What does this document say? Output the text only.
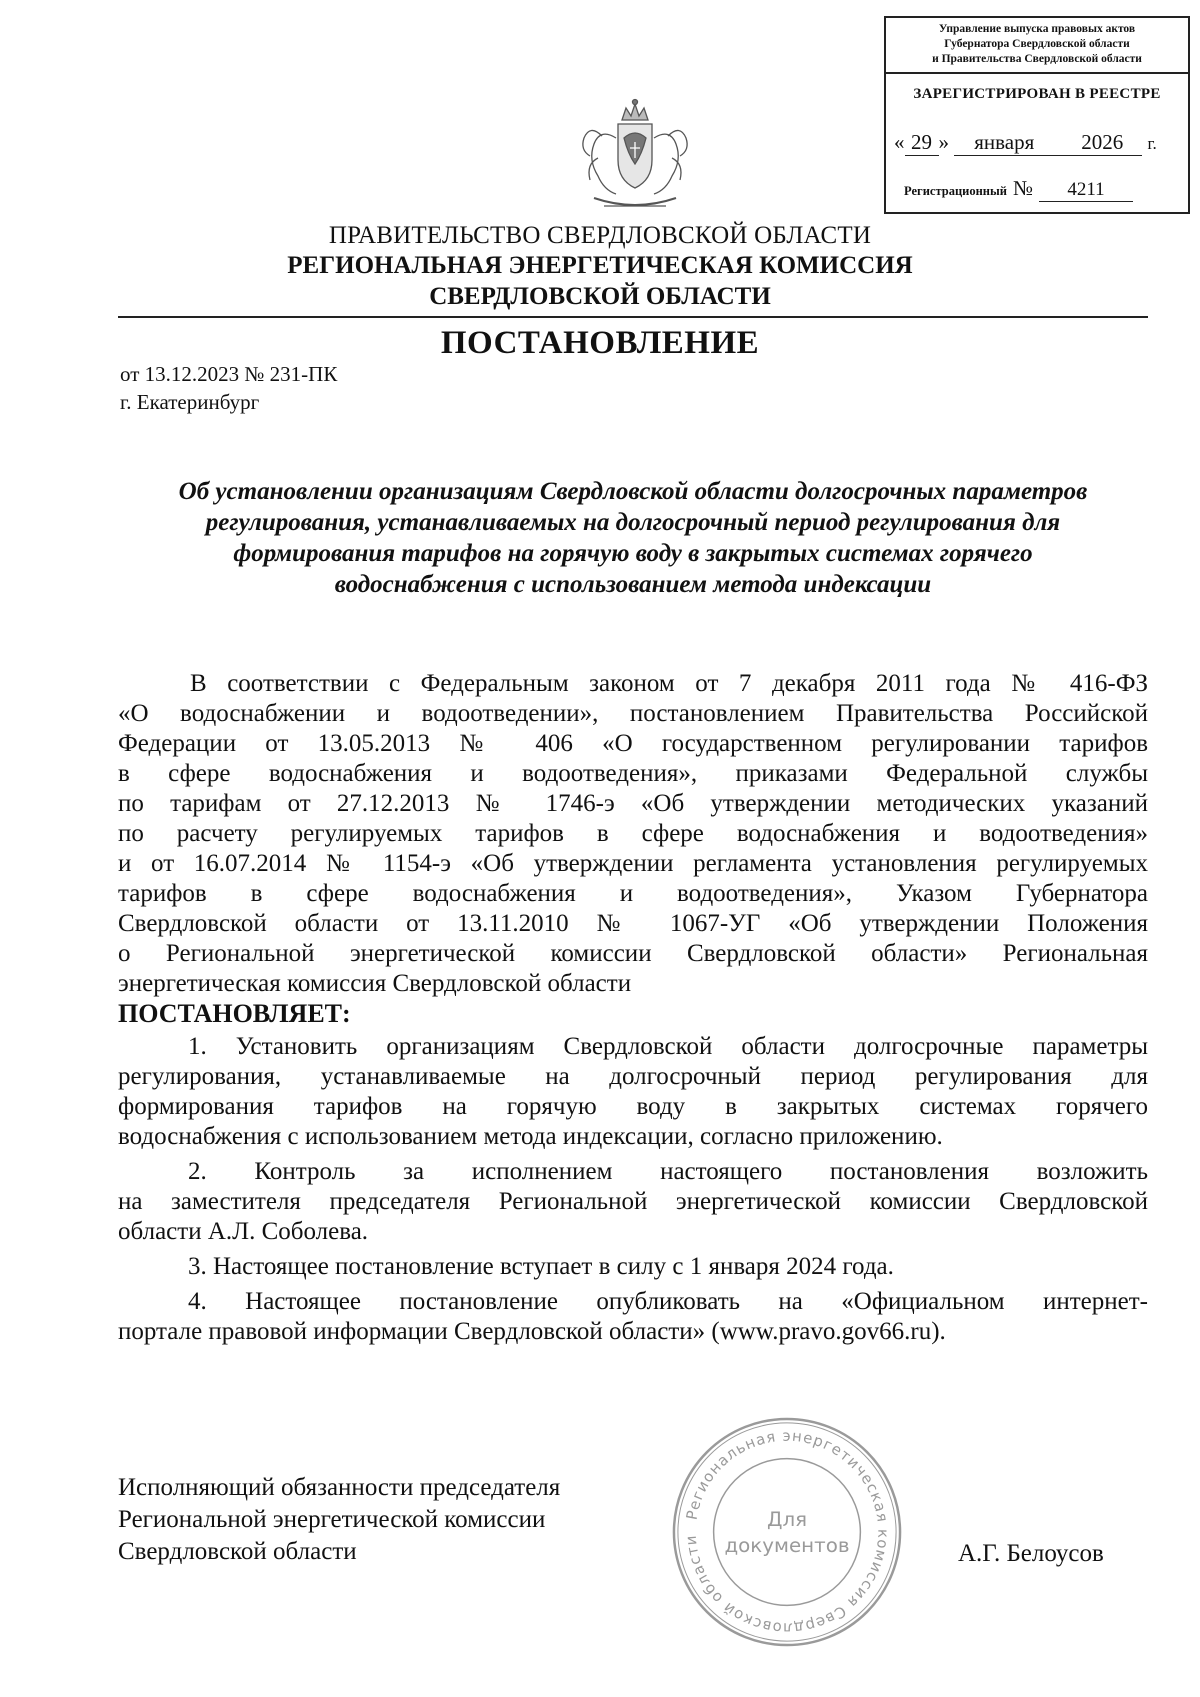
Управление выпуска правовых актов
Губернатора Свердловской области
и Правительства Свердловской области
ЗАРЕГИСТРИРОВАН В РЕЕСТРЕ
« 29 » января 2026 г.
Регистрационный № 4211
ПРАВИТЕЛЬСТВО СВЕРДЛОВСКОЙ ОБЛАСТИ
РЕГИОНАЛЬНАЯ ЭНЕРГЕТИЧЕСКАЯ КОМИССИЯ
СВЕРДЛОВСКОЙ ОБЛАСТИ
ПОСТАНОВЛЕНИЕ
от 13.12.2023 № 231-ПК
г. Екатеринбург
Об установлении организациям Свердловской области долгосрочных параметров
регулирования, устанавливаемых на долгосрочный период регулирования для
формирования тарифов на горячую воду в закрытых системах горячего
водоснабжения с использованием метода индексации
В соответствии с Федеральным законом от 7 декабря 2011 года № 416-ФЗ
«О водоснабжении и водоотведении», постановлением Правительства Российской
Федерации от 13.05.2013 № 406 «О государственном регулировании тарифов
в сфере водоснабжения и водоотведения», приказами Федеральной службы
по тарифам от 27.12.2013 № 1746-э «Об утверждении методических указаний
по расчету регулируемых тарифов в сфере водоснабжения и водоотведения»
и от 16.07.2014 № 1154-э «Об утверждении регламента установления регулируемых
тарифов в сфере водоснабжения и водоотведения», Указом Губернатора
Свердловской области от 13.11.2010 № 1067-УГ «Об утверждении Положения
о Региональной энергетической комиссии Свердловской области» Региональная
энергетическая комиссия Свердловской области
ПОСТАНОВЛЯЕТ:
1. Установить организациям Свердловской области долгосрочные параметры
регулирования, устанавливаемые на долгосрочный период регулирования для
формирования тарифов на горячую воду в закрытых системах горячего
водоснабжения с использованием метода индексации, согласно приложению.
2. Контроль за исполнением настоящего постановления возложить
на заместителя председателя Региональной энергетической комиссии Свердловской
области А.Л. Соболева.
3. Настоящее постановление вступает в силу с 1 января 2024 года.
4. Настоящее постановление опубликовать на «Официальном интернет-
портале правовой информации Свердловской области» (www.pravo.gov66.ru).
Региональная энергетическая комиссия Свердловской области
Для
документов
Исполняющий обязанности председателя
Региональной энергетической комиссии
Свердловской области	А.Г. Белоусов
